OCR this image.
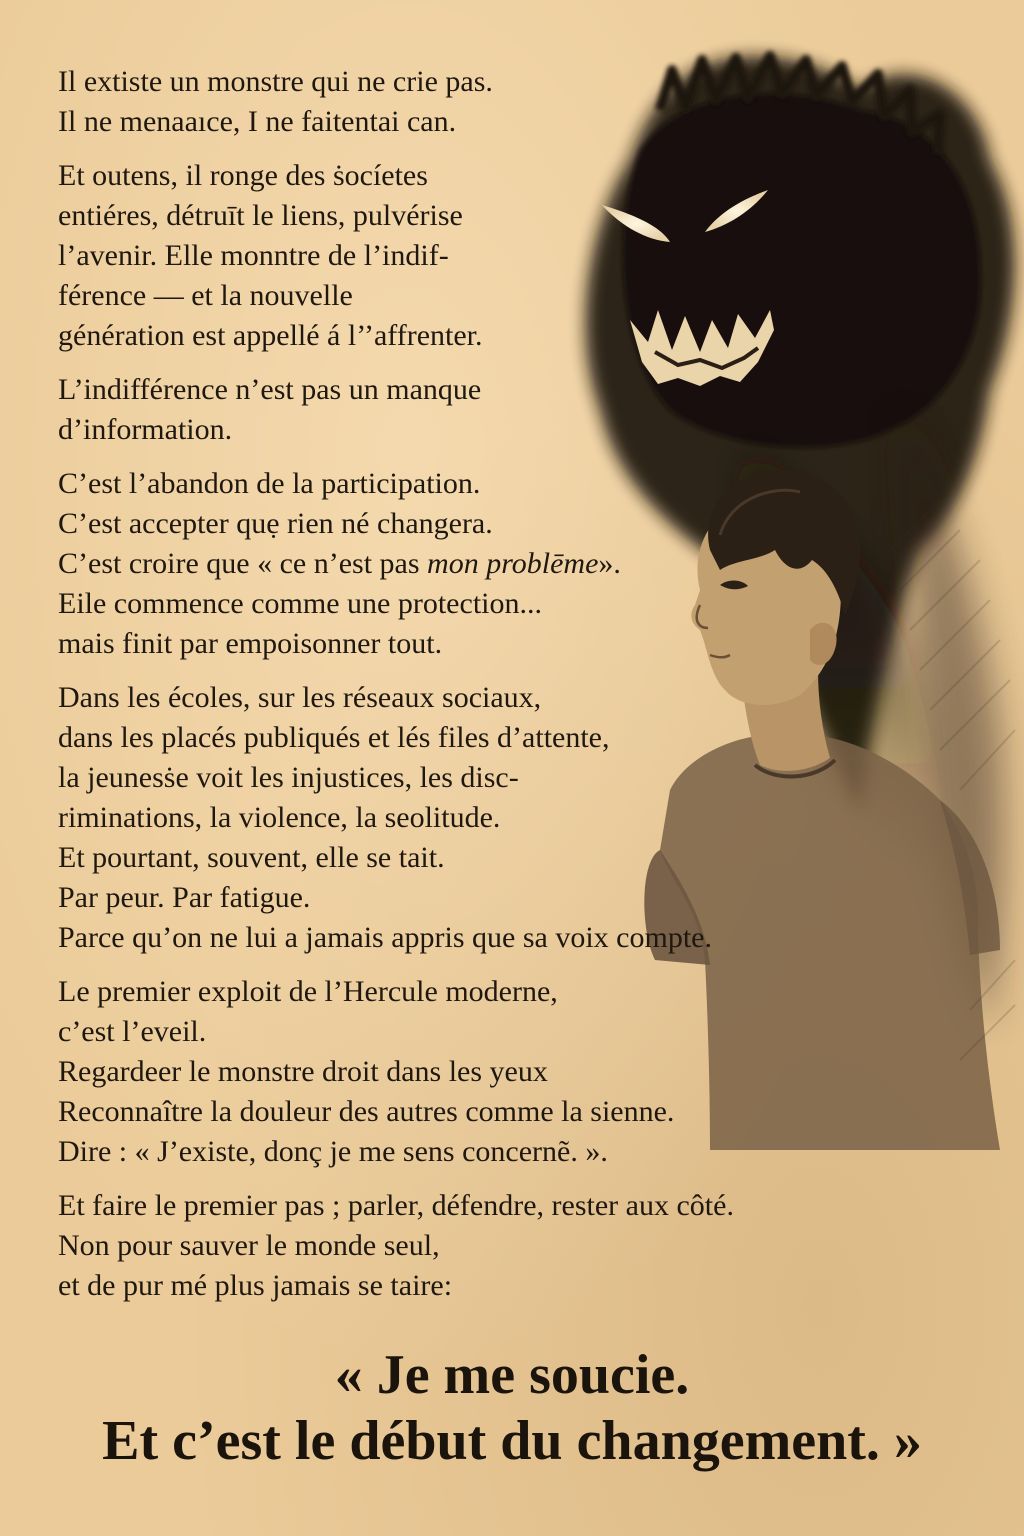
Il extiste un monstre qui ne crie pas.
Il ne menaaıce, I ne faitentai can.

Et outens, il ronge des ṡocíetes
entiéres, détruīt le liens, pulvérise
l’avenir. Elle monntre de l’indif-
férence — et la nouvelle
génération est appellé á l’’affrenter.

L’indifférence n’est pas un manque
d’information.

C’est l’abandon de la participation.
C’est accepter quẹ rien né changera.
C’est croire que « ce n’est pas mon problēme».
Eile commence comme une protection...
mais finit par empoisonner tout.

Dans les écoles, sur les réseaux sociaux,
dans les placés publiqués et lés files d’attente,
la jeunesṡe voit les injustices, les disc-
riminations, la violence, la seolitude.
Et pourtant, souvent, elle se tait.
Par peur. Par fatigue.
Parce qu’on ne lui a jamais appris que sa voix compte.

Le premier exploit de l’Hercule moderne,
c’est l’eveil.
Regardeer le monstre droit dans les yeux
Reconnaître la douleur des autres comme la sienne.
Dire : « J’existe, donç je me sens concernẽ. ».

Et faire le premier pas ; parler, défendre, rester aux côté.
Non pour sauver le monde seul,
et de pur mé plus jamais se taire:

« Je me soucie.
Et c’est le début du changement. »
